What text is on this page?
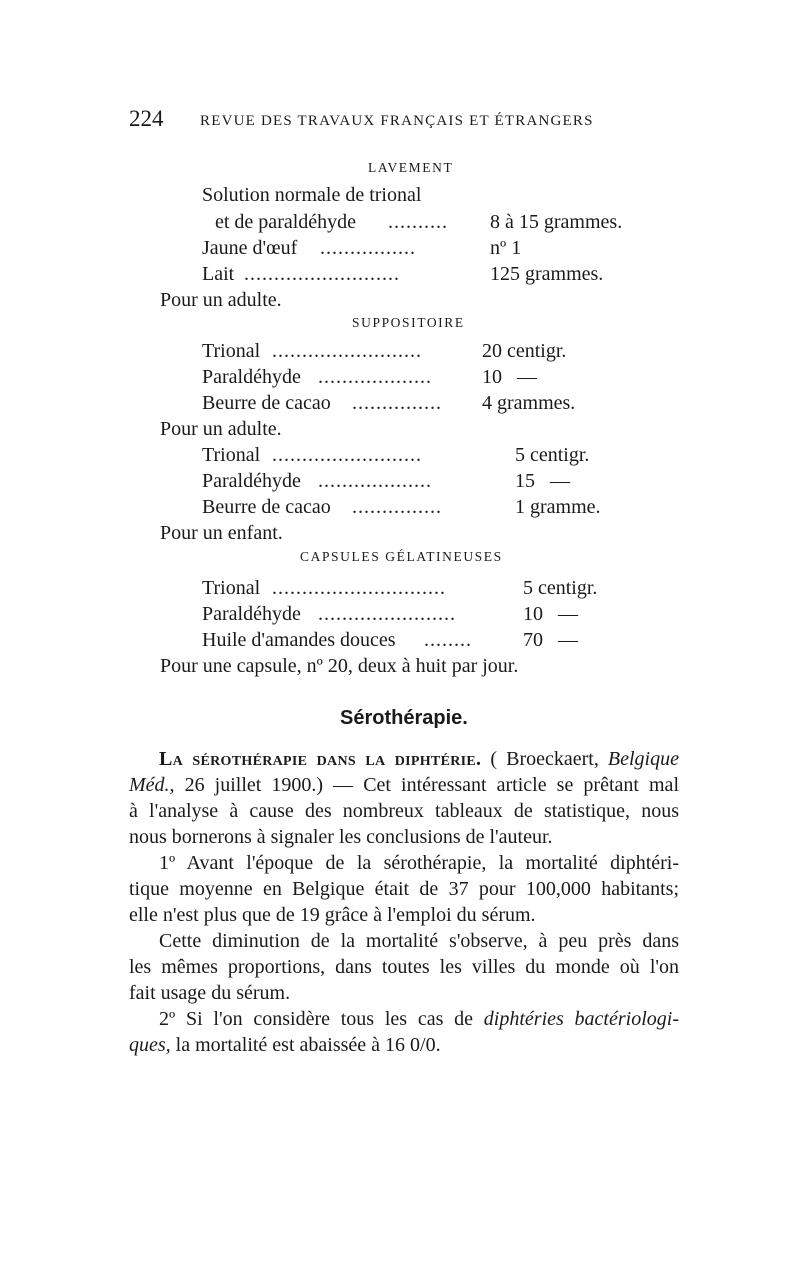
224 REVUE DES TRAVAUX FRANÇAIS ET ÉTRANGERS
LAVEMENT
Solution normale de trional
et de paraldéhyde ..........	8 à 15 grammes.
Jaune d'œuf ................	nº 1
Lait ..........................	125 grammes.
Pour un adulte.
SUPPOSITOIRE
Trional .........................	20 centigr.
Paraldéhyde ...................	10   —
Beurre de cacao ...............	4 grammes.
Pour un adulte.
Trional .........................	5 centigr.
Paraldéhyde ...................	15   —
Beurre de cacao ...............	1 gramme.
Pour un enfant.
CAPSULES GÉLATINEUSES
Trional .............................	5 centigr.
Paraldéhyde .......................	10   —
Huile d'amandes douces ........	70   —
Pour une capsule, nº 20, deux à huit par jour.
Sérothérapie.
La sérothérapie dans la diphtérie. ( Broeckaert, Belgique
Méd., 26 juillet 1900.) — Cet intéressant article se prêtant mal
à l'analyse à cause des nombreux tableaux de statistique, nous
nous bornerons à signaler les conclusions de l'auteur.
1º Avant l'époque de la sérothérapie, la mortalité diphtéri-
tique moyenne en Belgique était de 37 pour 100,000 habitants;
elle n'est plus que de 19 grâce à l'emploi du sérum.
Cette diminution de la mortalité s'observe, à peu près dans
les mêmes proportions, dans toutes les villes du monde où l'on
fait usage du sérum.
2º Si l'on considère tous les cas de diphtéries bactériologi-
ques, la mortalité est abaissée à 16 0/0.
